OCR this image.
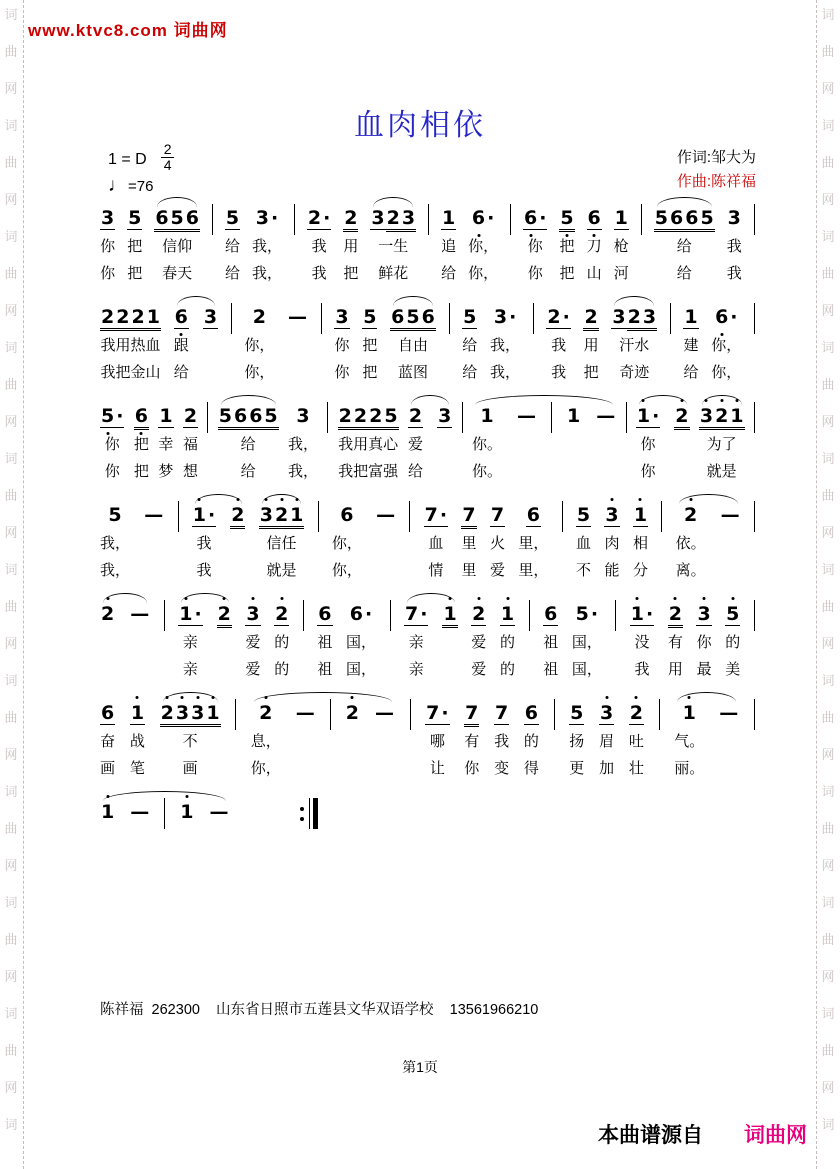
词
曲
网
词
曲
网
词
曲
网
词
曲
网
词
曲
网
词
曲
网
词
曲
网
词
曲
网
词
曲
网
词
曲
网
词
词
曲
网
词
曲
网
词
曲
网
词
曲
网
词
曲
网
词
曲
网
词
曲
网
词
曲
网
词
曲
网
词
曲
网
词
www.ktvc8.com 词曲网
血肉相依
1 = D $\frac{2}{4}$
♩=76
作词:邹大为
作曲:陈祥福
3
你
你
5
把
把
6 5 6
信仰
春天
5
给
给
3 ·
我，
我，
2 ·
我
我
2
用
把
3 2 3
一生
鲜花
1
追
给
6 ·
你，
你，
6 ·
你
你
5
把
把
6
刀
山
1
枪
河
5 6 6 5
给
给
3
我
我
2 2 2 1
我用热血
我把金山
6
跟
给
3 2
你，
你，
— 3
你
你
5
把
把
6 5 6
自由
蓝图
5
给
给
3 ·
我，
我，
2 ·
我
我
2
用
把
3 2 3
汗水
奇迹
1
建
给
6 ·
你，
你，
5 ·
你
你
6
把
把
1
幸
梦
2
福
想
5 6 6 5
给
给
3
我，
我，
2 2 2 5
我用真心
我把富强
2
爱
给
3 1
你。
你。
— 1 — 1 ·
你
你
2 3 2 1
为了
就是
5
我，
我，
— 1 ·
我
我
2 3 2 1
信任
就是
6
你，
你，
— 7 ·
血
情
7
里
里
7
火
爱
6
里，
里，
5
血
不
3
肉
能
1
相
分
2
依。
离。
—
2 — 1 ·
亲
亲
2 3
爱
爱
2
的
的
6
祖
祖
6 ·
国，
国，
7 ·
亲
亲
1 2
爱
爱
1
的
的
6
祖
祖
5 ·
国，
国，
1 ·
没
我
2
有
用
3
你
最
5
的
美
6
奋
画
1
战
笔
2 3 3 1
不
画
2
息，
你，
— 2 — 7 ·
哪
让
7
有
你
7
我
变
6
的
得
5
扬
更
3
眉
加
2
吐
壮
1
气。
丽。
—
1 — 1 —
陈祥福  262300    山东省日照市五莲县文华双语学校    13561966210
第1页
本曲谱源自 词曲网
